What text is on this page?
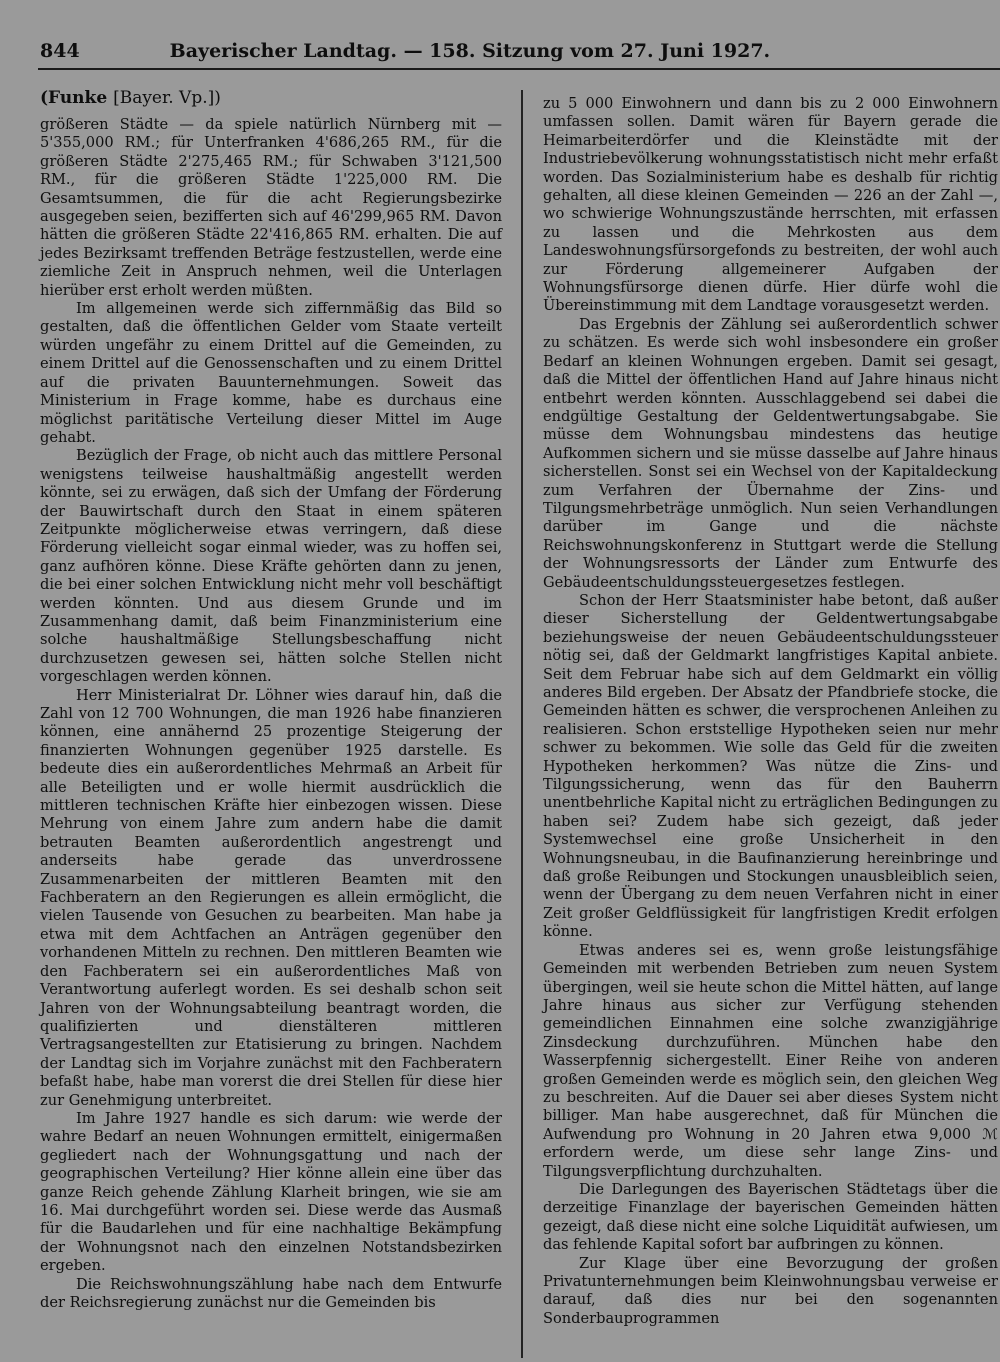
844	Bayerischer Landtag. — 158. Sitzung vom 27. Juni 1927.

(Funke [Bayer. Vp.])

größeren Städte — da spiele natürlich Nürnberg mit — 5'355,000 RM.; für Unterfranken 4'686,265 RM., für die größeren Städte 2'275,465 RM.; für Schwaben 3'121,500 RM., für die größeren Städte 1'225,000 RM. Die Gesamtsummen, die für die acht Regierungsbezirke ausgegeben seien, bezifferten sich auf 46'299,965 RM. Davon hätten die größeren Städte 22'416,865 RM. erhalten. Die auf jedes Bezirksamt treffenden Beträge festzustellen, werde eine ziemliche Zeit in Anspruch nehmen, weil die Unterlagen hierüber erst erholt werden müßten.

Im allgemeinen werde sich ziffernmäßig das Bild so gestalten, daß die öffentlichen Gelder vom Staate verteilt würden ungefähr zu einem Drittel auf die Gemeinden, zu einem Drittel auf die Genossenschaften und zu einem Drittel auf die privaten Bauunternehmungen. Soweit das Ministerium in Frage komme, habe es durchaus eine möglichst paritätische Verteilung dieser Mittel im Auge gehabt.

Bezüglich der Frage, ob nicht auch das mittlere Personal wenigstens teilweise haushaltmäßig angestellt werden könnte, sei zu erwägen, daß sich der Umfang der Förderung der Bauwirtschaft durch den Staat in einem späteren Zeitpunkte möglicherweise etwas verringern, daß diese Förderung vielleicht sogar einmal wieder, was zu hoffen sei, ganz aufhören könne. Diese Kräfte gehörten dann zu jenen, die bei einer solchen Entwicklung nicht mehr voll beschäftigt werden könnten. Und aus diesem Grunde und im Zusammenhang damit, daß beim Finanzministerium eine solche haushaltmäßige Stellungsbeschaffung nicht durchzusetzen gewesen sei, hätten solche Stellen nicht vorgeschlagen werden können.

Herr Ministerialrat Dr. Löhner wies darauf hin, daß die Zahl von 12 700 Wohnungen, die man 1926 habe finanzieren können, eine annähernd 25 prozentige Steigerung der finanzierten Wohnungen gegenüber 1925 darstelle. Es bedeute dies ein außerordentliches Mehrmaß an Arbeit für alle Beteiligten und er wolle hiermit ausdrücklich die mittleren technischen Kräfte hier einbezogen wissen. Diese Mehrung von einem Jahre zum andern habe die damit betrauten Beamten außerordentlich angestrengt und anderseits habe gerade das unverdrossene Zusammenarbeiten der mittleren Beamten mit den Fachberatern an den Regierungen es allein ermöglicht, die vielen Tausende von Gesuchen zu bearbeiten. Man habe ja etwa mit dem Achtfachen an Anträgen gegenüber den vorhandenen Mitteln zu rechnen. Den mittleren Beamten wie den Fachberatern sei ein außerordentliches Maß von Verantwortung auferlegt worden. Es sei deshalb schon seit Jahren von der Wohnungsabteilung beantragt worden, die qualifizierten und dienstälteren mittleren Vertragsangestellten zur Etatisierung zu bringen. Nachdem der Landtag sich im Vorjahre zunächst mit den Fachberatern befaßt habe, habe man vorerst die drei Stellen für diese hier zur Genehmigung unterbreitet.

Im Jahre 1927 handle es sich darum: wie werde der wahre Bedarf an neuen Wohnungen ermittelt, einigermaßen gegliedert nach der Wohnungsgattung und nach der geographischen Verteilung? Hier könne allein eine über das ganze Reich gehende Zählung Klarheit bringen, wie sie am 16. Mai durchgeführt worden sei. Diese werde das Ausmaß für die Baudarlehen und für eine nachhaltige Bekämpfung der Wohnungsnot nach den einzelnen Notstandsbezirken ergeben.

Die Reichswohnungszählung habe nach dem Entwurfe der Reichsregierung zunächst nur die Gemeinden bis

zu 5 000 Einwohnern und dann bis zu 2 000 Einwohnern umfassen sollen. Damit wären für Bayern gerade die Heimarbeiterdörfer und die Kleinstädte mit der Industriebevölkerung wohnungsstatistisch nicht mehr erfaßt worden. Das Sozialministerium habe es deshalb für richtig gehalten, all diese kleinen Gemeinden — 226 an der Zahl —, wo schwierige Wohnungszustände herrschten, mit erfassen zu lassen und die Mehrkosten aus dem Landeswohnungsfürsorgefonds zu bestreiten, der wohl auch zur Förderung allgemeinerer Aufgaben der Wohnungsfürsorge dienen dürfe. Hier dürfe wohl die Übereinstimmung mit dem Landtage vorausgesetzt werden.

Das Ergebnis der Zählung sei außerordentlich schwer zu schätzen. Es werde sich wohl insbesondere ein großer Bedarf an kleinen Wohnungen ergeben. Damit sei gesagt, daß die Mittel der öffentlichen Hand auf Jahre hinaus nicht entbehrt werden könnten. Ausschlaggebend sei dabei die endgültige Gestaltung der Geldentwertungsabgabe. Sie müsse dem Wohnungsbau mindestens das heutige Aufkommen sichern und sie müsse dasselbe auf Jahre hinaus sicherstellen. Sonst sei ein Wechsel von der Kapitaldeckung zum Verfahren der Übernahme der Zins- und Tilgungsmehrbeträge unmöglich. Nun seien Verhandlungen darüber im Gange und die nächste Reichswohnungskonferenz in Stuttgart werde die Stellung der Wohnungsressorts der Länder zum Entwurfe des Gebäudeentschuldungssteuergesetzes festlegen.

Schon der Herr Staatsminister habe betont, daß außer dieser Sicherstellung der Geldentwertungsabgabe beziehungsweise der neuen Gebäudeentschuldungssteuer nötig sei, daß der Geldmarkt langfristiges Kapital anbiete. Seit dem Februar habe sich auf dem Geldmarkt ein völlig anderes Bild ergeben. Der Absatz der Pfandbriefe stocke, die Gemeinden hätten es schwer, die versprochenen Anleihen zu realisieren. Schon erststellige Hypotheken seien nur mehr schwer zu bekommen. Wie solle das Geld für die zweiten Hypotheken herkommen? Was nütze die Zins- und Tilgungssicherung, wenn das für den Bauherrn unentbehrliche Kapital nicht zu erträglichen Bedingungen zu haben sei? Zudem habe sich gezeigt, daß jeder Systemwechsel eine große Unsicherheit in den Wohnungsneubau, in die Baufinanzierung hereinbringe und daß große Reibungen und Stockungen unausbleiblich seien, wenn der Übergang zu dem neuen Verfahren nicht in einer Zeit großer Geldflüssigkeit für langfristigen Kredit erfolgen könne.

Etwas anderes sei es, wenn große leistungsfähige Gemeinden mit werbenden Betrieben zum neuen System übergingen, weil sie heute schon die Mittel hätten, auf lange Jahre hinaus aus sicher zur Verfügung stehenden gemeindlichen Einnahmen eine solche zwanzigjährige Zinsdeckung durchzuführen. München habe den Wasserpfennig sichergestellt. Einer Reihe von anderen großen Gemeinden werde es möglich sein, den gleichen Weg zu beschreiten. Auf die Dauer sei aber dieses System nicht billiger. Man habe ausgerechnet, daß für München die Aufwendung pro Wohnung in 20 Jahren etwa 9,000 ℳ erfordern werde, um diese sehr lange Zins- und Tilgungsverpflichtung durchzuhalten.

Die Darlegungen des Bayerischen Städtetags über die derzeitige Finanzlage der bayerischen Gemeinden hätten gezeigt, daß diese nicht eine solche Liquidität aufwiesen, um das fehlende Kapital sofort bar aufbringen zu können.

Zur Klage über eine Bevorzugung der großen Privatunternehmungen beim Kleinwohnungsbau verweise er darauf, daß dies nur bei den sogenannten Sonderbauprogrammen
